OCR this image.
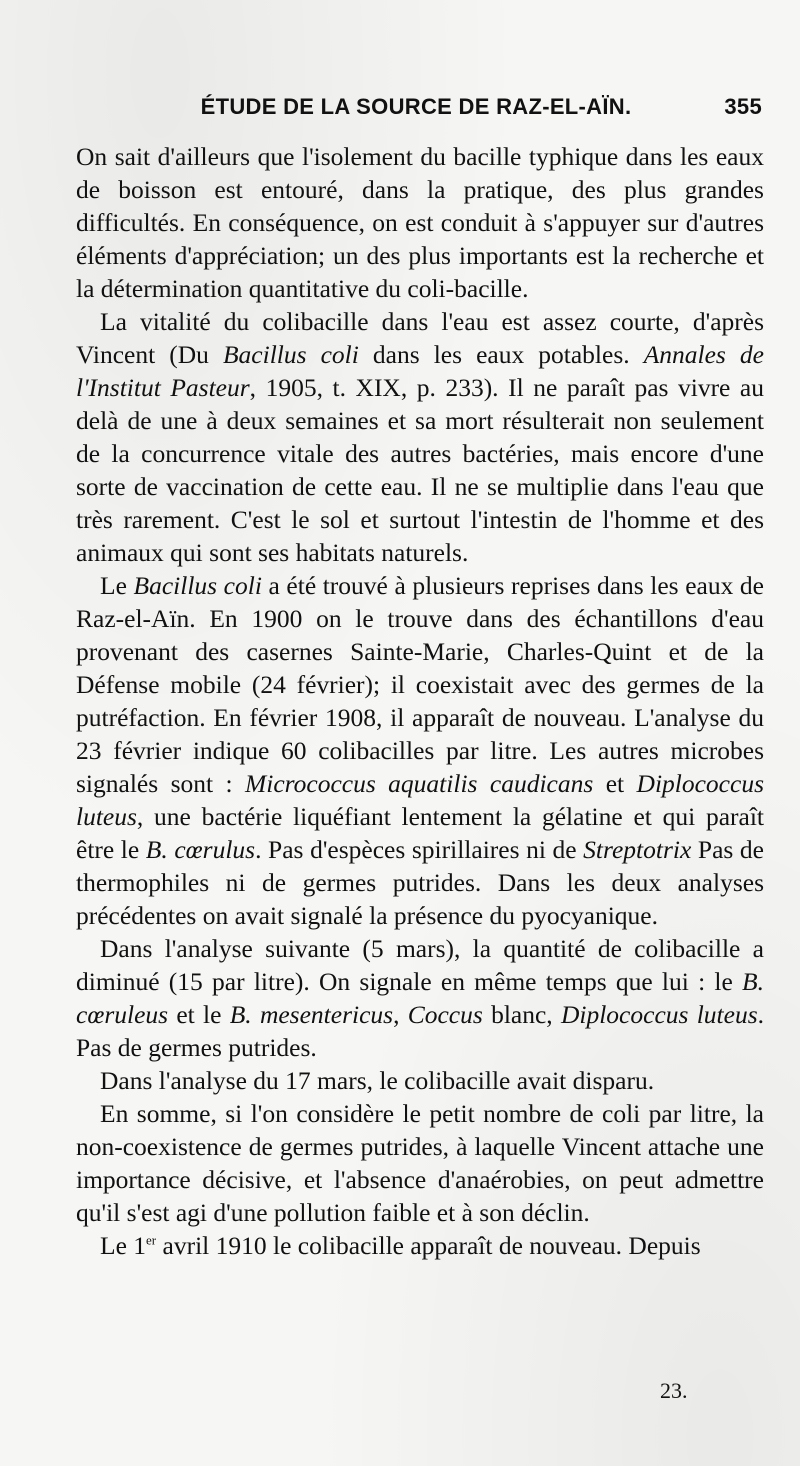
ÉTUDE DE LA SOURCE DE RAZ-EL-AÏN.	355

On sait d'ailleurs que l'isolement du bacille typhique dans les eaux de boisson est entouré, dans la pratique, des plus grandes difficultés. En conséquence, on est conduit à s'appuyer sur d'autres éléments d'appréciation; un des plus importants est la recherche et la détermination quantitative du coli-bacille.

La vitalité du colibacille dans l'eau est assez courte, d'après Vincent (Du Bacillus coli dans les eaux potables. Annales de l'Institut Pasteur, 1905, t. XIX, p. 233). Il ne paraît pas vivre au delà de une à deux semaines et sa mort résulterait non seulement de la concurrence vitale des autres bactéries, mais encore d'une sorte de vaccination de cette eau. Il ne se multiplie dans l'eau que très rarement. C'est le sol et surtout l'intestin de l'homme et des animaux qui sont ses habitats naturels.

Le Bacillus coli a été trouvé à plusieurs reprises dans les eaux de Raz-el-Aïn. En 1900 on le trouve dans des échantillons d'eau provenant des casernes Sainte-Marie, Charles-Quint et de la Défense mobile (24 février); il coexistait avec des germes de la putréfaction. En février 1908, il apparaît de nouveau. L'analyse du 23 février indique 60 colibacilles par litre. Les autres microbes signalés sont : Micrococcus aquatilis caudicans et Diplococcus luteus, une bactérie liquéfiant lentement la gélatine et qui paraît être le B. cœrulus. Pas d'espèces spirillaires ni de Streptotrix Pas de thermophiles ni de germes putrides. Dans les deux analyses précédentes on avait signalé la présence du pyocyanique.

Dans l'analyse suivante (5 mars), la quantité de colibacille a diminué (15 par litre). On signale en même temps que lui : le B. cœruleus et le B. mesentericus, Coccus blanc, Diplococcus luteus. Pas de germes putrides.

Dans l'analyse du 17 mars, le colibacille avait disparu.

En somme, si l'on considère le petit nombre de coli par litre, la non-coexistence de germes putrides, à laquelle Vincent attache une importance décisive, et l'absence d'anaérobies, on peut admettre qu'il s'est agi d'une pollution faible et à son déclin.

Le 1er avril 1910 le colibacille apparaît de nouveau. Depuis

23.
